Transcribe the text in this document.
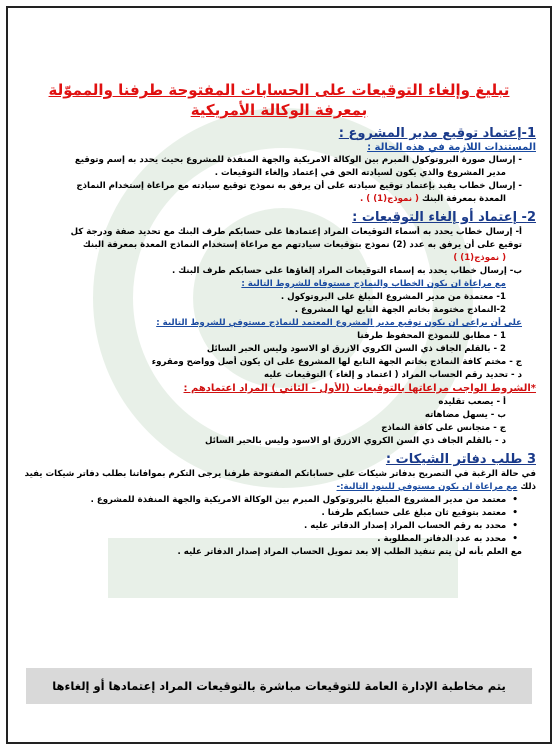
تبليغ وإلغاء التوقيعات على الحسابات المفتوحة طرفنا والمموّلة بمعرفة الوكالة الأمريكية
1-إعتماد توقيع مدير المشروع :
المستندات اللازمة في هذه الحالة :

- إرسال صورة البروتوكول المبرم بين الوكالة الامريكية والجهة المنفذة للمشروع بحيث يحدد به إسم وتوقيع

مدير المشروع والذي يكون لسيادته الحق في إعتماد وإلغاء التوقيعات .

- إرسال خطاب يفيد بإعتماد توقيع سيادته على أن يرفق به نموذج توقيع سيادته مع مراعاة إستخدام النماذج

المعدة بمعرفة البنك ( نموذج(1) ) .

2- إعتماد أو إلغاء التوقيعات :

أ- إرسال خطاب يحدد به أسماء التوقيعات المراد إعتمادها على حسابكم طرف البنك مع تحديد صفة ودرجة كل

توقيع على أن يرفق به عدد (2) نموذج بتوقيعات سيادتهم مع مراعاة إستخدام النماذج المعدة بمعرفة البنك

( نموذج(1) )

ب- إرسال خطاب يحدد به إسماء التوقيعات المراد إلغاؤها على حسابكم طرف البنك .

مع مراعاة ان يكون الخطاب والنماذج مستوفاه للشروط التالية :

1- معتمدة من مدير المشروع المبلغ على البروتوكول .

2-النماذج مختومة بخاتم الجهة التابع لها المشروع .

على أن يراعى ان يكون توقيع مدير المشروع المعتمد للنماذج مستوفي للشروط التالية :

1 - مطابق للنموذج المحفوظ طرفنا

2 - بالقلم الجاف ذي السن الكروي الازرق او الاسود وليس الحبر السائل

ج - مختم كافة النماذج بخاتم الجهة التابع لها المشروع على ان يكون أصل وواضح ومقروء

د - تحديد رقم الحساب المراد ( اعتماد و إلغاء ) التوقيعات عليه

*الشروط الواجب مراعاتها بالتوقيعات (الأول - الثاني ) المراد اعتمادهم :

أ - يصعب تقليده

ب - يسهل مضاهاته

ج - متجانس على كافة النماذج

د - بالقلم الجاف ذي السن الكروي الازرق او الاسود وليس بالحبر السائل

3 طلب دفاتر الشيكات :

في حالة الرغبة في التصريح بدفاتر شيكات على حساباتكم المفتوحة طرفنا يرجى التكرم بموافاتنا بطلب دفاتر شيكات يفيد

ذلك مع مراعاة ان يكون مستوفي للبنود التالية:-

•
معتمد من مدير المشروع المبلغ بالبروتوكول المبرم بين الوكالة الامريكية والجهة المنفذة للمشروع .
•
معتمد بتوقيع ثان مبلغ على حسابكم طرفنا .
•
محدد به رقم الحساب المراد إصدار الدفاتر عليه .
•
محدد به عدد الدفاتر المطلوبة .

مع العلم بأنه لن يتم تنفيذ الطلب إلا بعد تمويل الحساب المراد إصدار الدفاتر عليه .

يتم مخاطبة الإدارة العامة للتوقيعات مباشرة بالتوقيعات المراد إعتمادها أو إلغاءها
